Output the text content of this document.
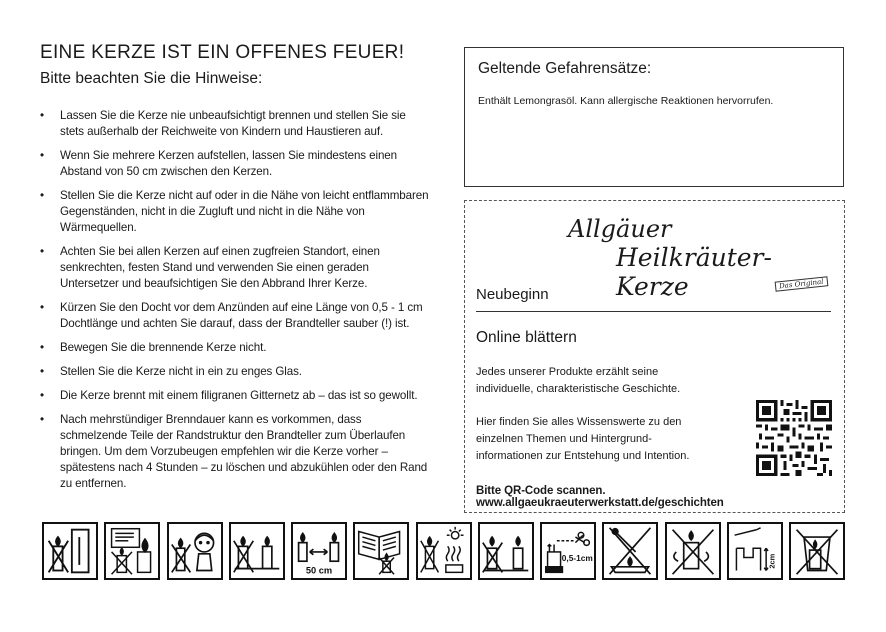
EINE KERZE IST EIN OFFENES FEUER!
Bitte beachten Sie die Hinweise:
• Lassen Sie die Kerze nie unbeaufsichtigt brennen und stellen Sie sie stets außerhalb der Reichweite von Kindern und Haustieren auf.
• Wenn Sie mehrere Kerzen aufstellen, lassen Sie mindestens einen Abstand von 50 cm zwischen den Kerzen.
• Stellen Sie die Kerze nicht auf oder in die Nähe von leicht entflammbaren Gegenständen, nicht in die Zugluft und nicht in die Nähe von Wärmequellen.
• Achten Sie bei allen Kerzen auf einen zugfreien Standort, einen senkrechten, festen Stand und verwenden Sie einen geraden Untersetzer und beaufsichtigen Sie den Abbrand Ihrer Kerze.
• Kürzen Sie den Docht vor dem Anzünden auf eine Länge von 0,5 - 1 cm Dochtlänge und achten Sie darauf, dass der Brandteller sauber (!) ist.
• Bewegen Sie die brennende Kerze nicht.
• Stellen Sie die Kerze nicht in ein zu enges Glas.
• Die Kerze brennt mit einem filigranen Gitternetz ab – das ist so gewollt.
• Nach mehrstündiger Brenndauer kann es vorkommen, dass schmelzende Teile der Randstruktur den Brandteller zum Überlaufen bringen. Um dem Vorzubeugen empfehlen wir die Kerze vorher – spätestens nach 4 Stunden – zu löschen und abzukühlen oder den Rand zu entfernen.
Geltende Gefahrensätze:
Enthält Lemongrasöl. Kann allergische Reaktionen hervorrufen.
Allgäuer
Heilkräuter-Kerze	Das Original
Neubeginn
Online blättern
Jedes unserer Produkte erzählt seine individuelle, charakteristische Geschichte.
Hier finden Sie alles Wissenswerte zu den einzelnen Themen und Hintergrund-informationen zur Entstehung und Intention.
Bitte QR-Code scannen. www.allgaeukraeuterwerkstatt.de/geschichten
50 cm
0,5-1cm	2cm
